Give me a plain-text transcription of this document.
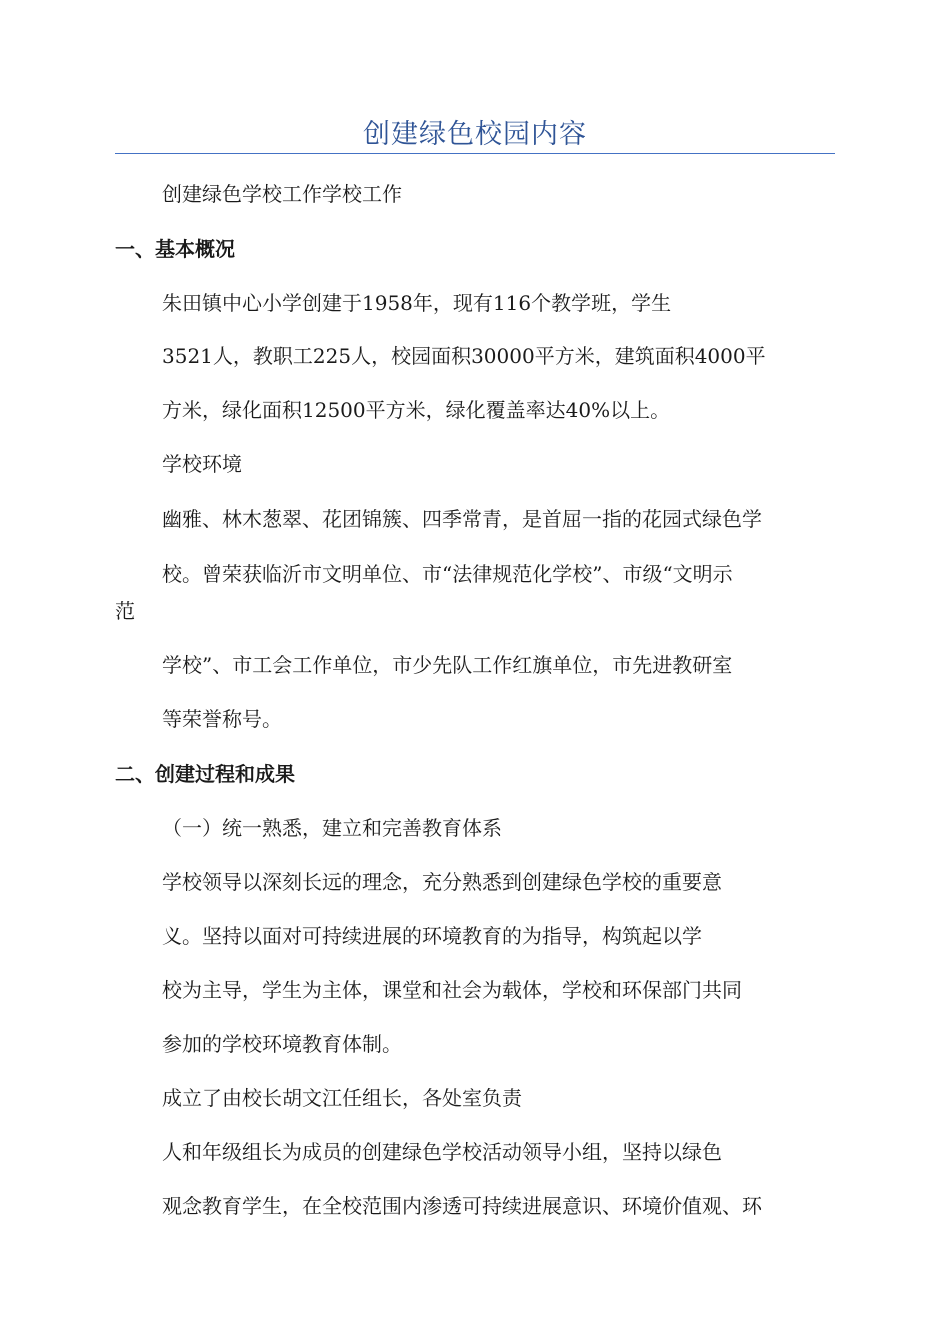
创建绿色校园内容
创建绿色学校工作学校工作
一、基本概况
朱田镇中心小学创建于1958年，现有116个教学班，学生
3521人，教职工225人，校园面积30000平方米，建筑面积4000平
方米，绿化面积12500平方米，绿化覆盖率达40%以上。
学校环境
幽雅、林木葱翠、花团锦簇、四季常青，是首屈一指的花园式绿色学
校。曾荣获临沂市文明单位、市“法律规范化学校”、市级“文明示
范
学校”、市工会工作单位，市少先队工作红旗单位，市先进教研室
等荣誉称号。
二、创建过程和成果
（一）统一熟悉，建立和完善教育体系
学校领导以深刻长远的理念，充分熟悉到创建绿色学校的重要意
义。坚持以面对可持续进展的环境教育的为指导，构筑起以学
校为主导，学生为主体，课堂和社会为载体，学校和环保部门共同
参加的学校环境教育体制。
成立了由校长胡文江任组长，各处室负责
人和年级组长为成员的创建绿色学校活动领导小组，坚持以绿色
观念教育学生，在全校范围内渗透可持续进展意识、环境价值观、环
